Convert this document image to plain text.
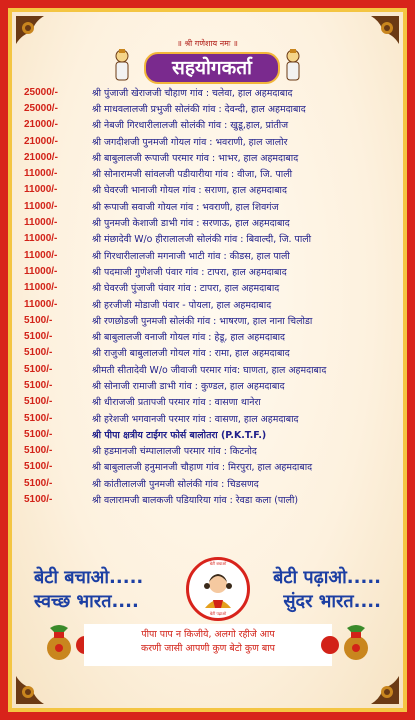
॥ श्री गणेशाय नमः ॥
सहयोगकर्ता
25000/-	श्री पुंजाजी खेराजजी चौहाण गांव : चलेवा, हाल अहमदाबाद
25000/-	श्री माधवलालजी प्रभुजी सोलंकी गांव : देवन्दी, हाल अहमदाबाद
21000/-	श्री नेबजी गिरधारीलालजी सोलंकी गांव : खुडू,हाल, प्रांतीज
21000/-	श्री जगदीशजी पुनमजी गोयल गांव : भवराणी, हाल जालोर
21000/-	श्री बाबुलालजी रूपाजी परमार गांव : भाभर, हाल अहमदाबाद
11000/-	श्री सोनारामजी सांवलजी पडीयारीया गांव : वीजा, जि. पाली
11000/-	श्री घेवरजी भानाजी गोयल गांव : सराणा, हाल अहमदाबाद
11000/-	श्री रूपाजी सवाजी गोयल गांव : भवराणी, हाल शिवगंज
11000/-	श्री पुनमजी केशाजी डाभी गांव : सरणाऊ, हाल अहमदाबाद
11000/-	श्री मंछादेवी W/o हीरालालजी सोलंकी गांव : बिवाल्दी, जि. पाली
11000/-	श्री गिरधारीलालजी मगनाजी भाटी गांव : कीडस, हाल पाली
11000/-	श्री पदमाजी गुणेशजी पंवार गांव : टापरा, हाल अहमदाबाद
11000/-	श्री घेवरजी पुंजाजी पंवार गांव : टापरा, हाल अहमदाबाद
11000/-	श्री हरजीजी मोडाजी पंवार - पोयला, हाल अहमदाबाद
5100/-	श्री रणछोडजी पुनमजी सोलंकी गांव : भाषरणा, हाल नाना चिलोडा
5100/-	श्री बाबुलालजी वनाजी गोयल गांव : हेडू, हाल अहमदाबाद
5100/-	श्री राजुजी बाबुलालजी गोयल गांव : रामा, हाल अहमदाबाद
5100/-	श्रीमती सीतादेवी W/o जीवाजी परमार गांव: घाणता, हाल अहमदाबाद
5100/-	श्री सोनाजी रामाजी डाभी गांव : कुण्डल, हाल अहमदाबाद
5100/-	श्री धीराजजी प्रतापजी परमार गांव : वासणा थानेरा
5100/-	श्री हरेशजी भगवानजी परमार गांव : वासणा, हाल अहमदाबाद
5100/-	श्री पीपा क्षत्रीय टाईगर फोर्स बालोतरा (P.K.T.F.)
5100/-	श्री हडमानजी चंम्पालालजी परमार गांव : किटनोद
5100/-	श्री बाबुलालजी हनुमानजी चौहाण गांव : मिरपुरा, हाल अहमदाबाद
5100/-	श्री कांतीलालजी पुनमजी सोलंकी गांव : चिडसणद
5100/-	श्री वलारामजी बालकजी पडियारिया गांव : रेवडा कला (पाली)
बेटी बचाओ.....
स्वच्छ भारत....
बेटी बचाओ
बेटी पढ़ाओ
बेटी पढ़ाओ.....
सुंदर भारत....
पीपा पाप न किजीये, अलगो रहीजे आप
करणी जासी आपणी कुण बेटो कुण बाप
